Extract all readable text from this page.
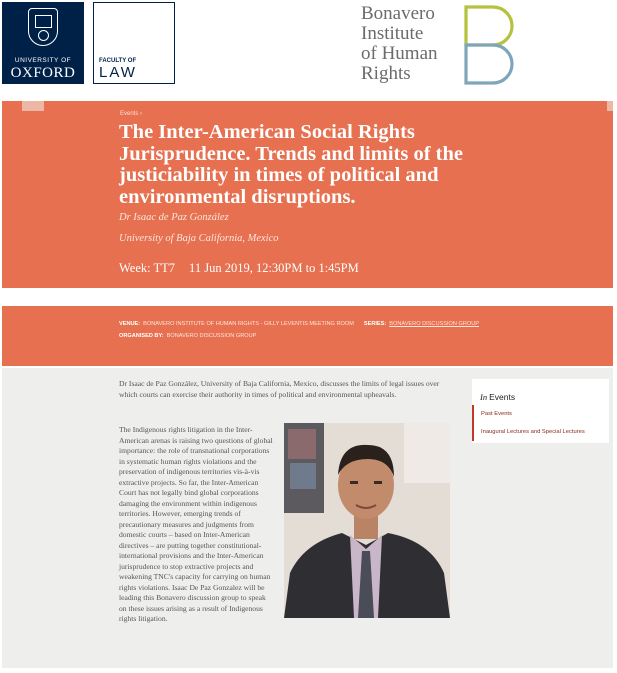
UNIVERSITY OF
OXFORD
FACULTY OF
LAW
Bonavero
Institute
of Human
Rights
Events ›
The Inter-American Social Rights Jurisprudence. Trends and limits of the justiciability in times of political and environmental disruptions.
Dr Isaac de Paz González
University of Baja California, Mexico
Week: TT7 11 Jun 2019, 12:30PM to 1:45PM
VENUE: BONAVERO INSTITUTE OF HUMAN RIGHTS - GILLY LEVENTIS MEETING ROOM SERIES: BONAVERO DISCUSSION GROUP
ORGANISED BY: BONAVERO DISCUSSION GROUP

Dr Isaac de Paz González, University of Baja California, Mexico, discusses the limits of legal issues over which courts can exercise their authority in times of political and environmental upheavals.

The Indigenous rights litigation in the Inter-American arenas is raising two questions of global importance: the role of transnational corporations in systematic human rights violations and the preservation of indigenous territories vis-à-vis extractive projects. So far, the Inter-American Court has not legally bind global corporations damaging the environment within indigenous territories. However, emerging trends of precautionary measures and judgments from domestic courts – based on Inter-American directives – are putting together constitutional-international provisions and the Inter-American jurisprudence to stop extractive projects and weakening TNC's capacity for carrying on human rights violations. Isaac De Paz Gonzalez will be leading this Bonavero discussion group to speak on these issues arising as a result of Indigenous rights litigation.

In Events
Past Events
Inaugural Lectures and Special Lectures
